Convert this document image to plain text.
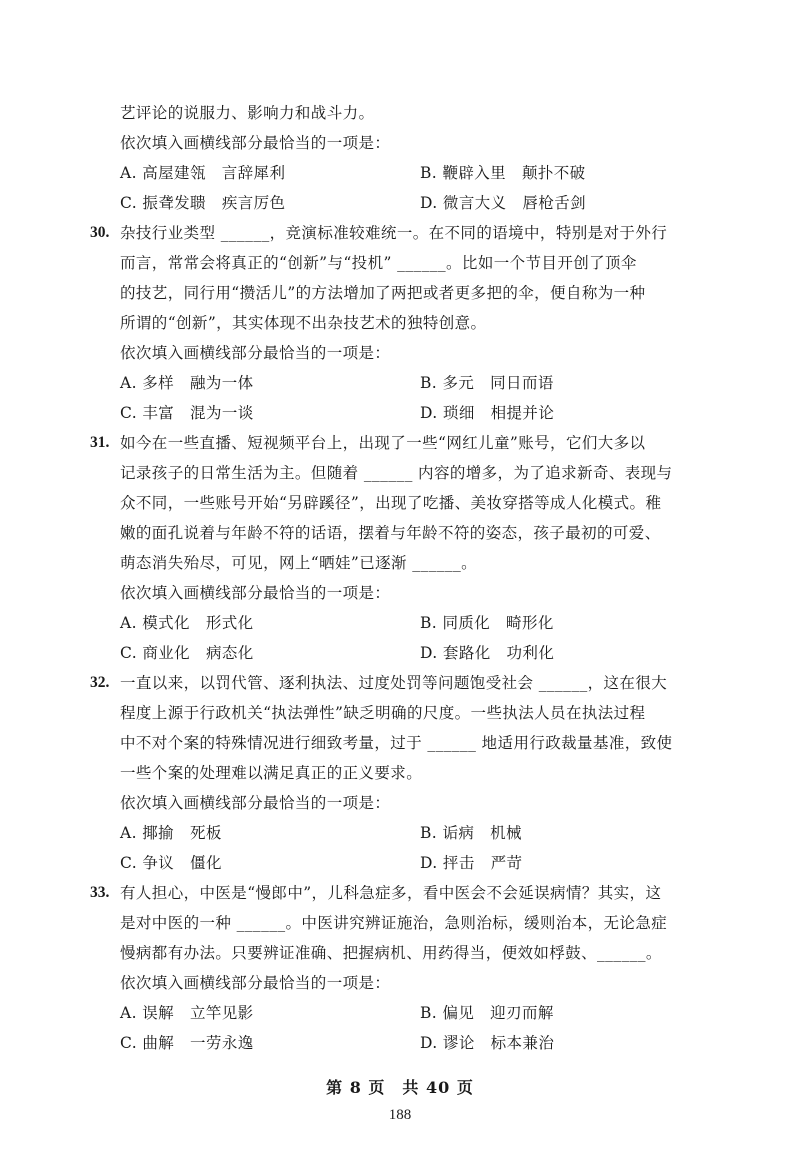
艺评论的说服力、影响力和战斗力。
依次填入画横线部分最恰当的一项是：
A. 高屋建瓴　言辞犀利	B. 鞭辟入里　颠扑不破
C. 振聋发聩　疾言厉色	D. 微言大义　唇枪舌剑
30. 杂技行业类型 ______，竞演标准较难统一。在不同的语境中，特别是对于外行
而言，常常会将真正的“创新”与“投机” ______。比如一个节目开创了顶伞
的技艺，同行用“攒活儿”的方法增加了两把或者更多把的伞，便自称为一种
所谓的“创新”，其实体现不出杂技艺术的独特创意。
依次填入画横线部分最恰当的一项是：
A. 多样　融为一体	B. 多元　同日而语
C. 丰富　混为一谈	D. 琐细　相提并论
31. 如今在一些直播、短视频平台上，出现了一些“网红儿童”账号，它们大多以
记录孩子的日常生活为主。但随着 ______ 内容的增多，为了追求新奇、表现与
众不同，一些账号开始“另辟蹊径”，出现了吃播、美妆穿搭等成人化模式。稚
嫩的面孔说着与年龄不符的话语，摆着与年龄不符的姿态，孩子最初的可爱、
萌态消失殆尽，可见，网上“晒娃”已逐渐 ______。
依次填入画横线部分最恰当的一项是：
A. 模式化　形式化	B. 同质化　畸形化
C. 商业化　病态化	D. 套路化　功利化
32. 一直以来，以罚代管、逐利执法、过度处罚等问题饱受社会 ______，这在很大
程度上源于行政机关“执法弹性”缺乏明确的尺度。一些执法人员在执法过程
中不对个案的特殊情况进行细致考量，过于 ______ 地适用行政裁量基准，致使
一些个案的处理难以满足真正的正义要求。
依次填入画横线部分最恰当的一项是：
A. 揶揄　死板	B. 诟病　机械
C. 争议　僵化	D. 抨击　严苛
33. 有人担心，中医是“慢郎中”，儿科急症多，看中医会不会延误病情？其实，这
是对中医的一种 ______。中医讲究辨证施治，急则治标，缓则治本，无论急症
慢病都有办法。只要辨证准确、把握病机、用药得当，便效如桴鼓、______。
依次填入画横线部分最恰当的一项是：
A. 误解　立竿见影	B. 偏见　迎刃而解
C. 曲解　一劳永逸	D. 谬论　标本兼治
第 8 页　共 40 页
188
